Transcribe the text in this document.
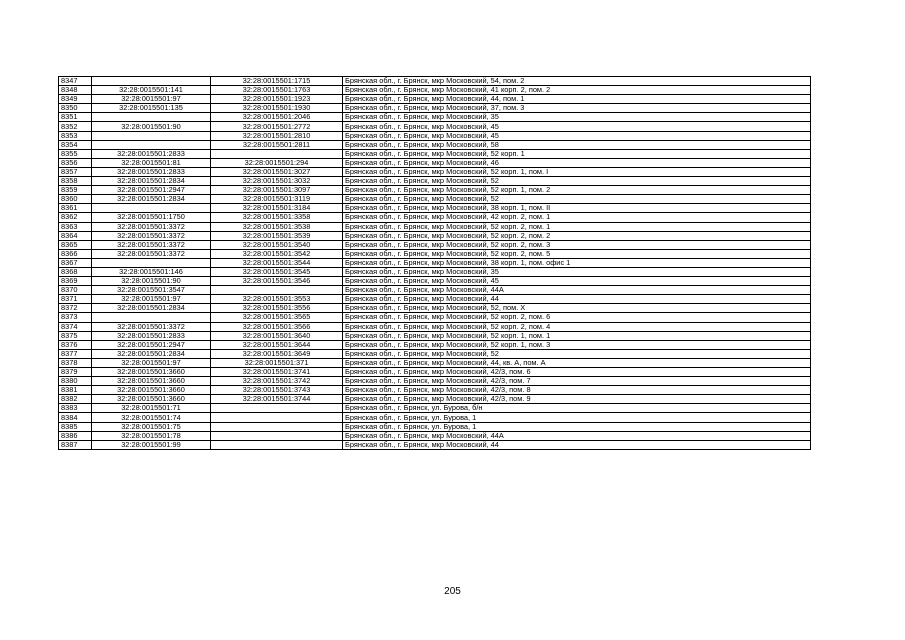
8347		32:28:0015501:1715	Брянская обл., г. Брянск, мкр Московский, 54, пом. 2
8348	32:28:0015501:141	32:28:0015501:1763	Брянская обл., г. Брянск, мкр Московский, 41 корп. 2, пом. 2
8349	32:28:0015501:97	32:28:0015501:1923	Брянская обл., г. Брянск, мкр Московский, 44, пом. 1
8350	32:28:0015501:135	32:28:0015501:1930	Брянская обл., г. Брянск, мкр Московский, 37, пом. 3
8351		32:28:0015501:2046	Брянская обл., г. Брянск, мкр Московский, 35
8352	32:28:0015501:90	32:28:0015501:2772	Брянская обл., г. Брянск, мкр Московский, 45
8353		32:28:0015501:2810	Брянская обл., г. Брянск, мкр Московский, 45
8354		32:28:0015501:2811	Брянская обл., г. Брянск, мкр Московский, 58
8355	32:28:0015501:2833		Брянская обл., г. Брянск, мкр Московский, 52 корп. 1
8356	32:28:0015501:81	32:28:0015501:294	Брянская обл., г. Брянск, мкр Московский, 46
8357	32:28:0015501:2833	32:28:0015501:3027	Брянская обл., г. Брянск, мкр Московский, 52 корп. 1, пом. I
8358	32:28:0015501:2834	32:28:0015501:3032	Брянская обл., г. Брянск, мкр Московский, 52
8359	32:28:0015501:2947	32:28:0015501:3097	Брянская обл., г. Брянск, мкр Московский, 52 корп. 1, пом. 2
8360	32:28:0015501:2834	32:28:0015501:3119	Брянская обл., г. Брянск, мкр Московский, 52
8361		32:28:0015501:3184	Брянская обл., г. Брянск, мкр Московский, 38 корп. 1, пом. II
8362	32:28:0015501:1750	32:28:0015501:3358	Брянская обл., г. Брянск, мкр Московский, 42 корп. 2, пом. 1
8363	32:28:0015501:3372	32:28:0015501:3538	Брянская обл., г. Брянск, мкр Московский, 52 корп. 2, пом. 1
8364	32:28:0015501:3372	32:28:0015501:3539	Брянская обл., г. Брянск, мкр Московский, 52 корп. 2, пом. 2
8365	32:28:0015501:3372	32:28:0015501:3540	Брянская обл., г. Брянск, мкр Московский, 52 корп. 2, пом. 3
8366	32:28:0015501:3372	32:28:0015501:3542	Брянская обл., г. Брянск, мкр Московский, 52 корп. 2, пом. 5
8367		32:28:0015501:3544	Брянская обл., г. Брянск, мкр Московский, 38 корп. 1, пом. офис 1
8368	32:28:0015501:146	32:28:0015501:3545	Брянская обл., г. Брянск, мкр Московский, 35
8369	32:28:0015501:90	32:28:0015501:3546	Брянская обл., г. Брянск, мкр Московский, 45
8370	32:28:0015501:3547		Брянская обл., г. Брянск, мкр Московский, 44А
8371	32:28:0015501:97	32:28:0015501:3553	Брянская обл., г. Брянск, мкр Московский, 44
8372	32:28:0015501:2834	32:28:0015501:3556	Брянская обл., г. Брянск, мкр Московский, 52, пом. X
8373		32:28:0015501:3565	Брянская обл., г. Брянск, мкр Московский, 52 корп. 2, пом. 6
8374	32:28:0015501:3372	32:28:0015501:3566	Брянская обл., г. Брянск, мкр Московский, 52 корп. 2, пом. 4
8375	32:28:0015501:2833	32:28:0015501:3640	Брянская обл., г. Брянск, мкр Московский, 52 корп. 1, пом. 1
8376	32:28:0015501:2947	32:28:0015501:3644	Брянская обл., г. Брянск, мкр Московский, 52 корп. 1, пом. 3
8377	32:28:0015501:2834	32:28:0015501:3649	Брянская обл., г. Брянск, мкр Московский, 52
8378	32:28:0015501:97	32:28:0015501:371	Брянская обл., г. Брянск, мкр Московский, 44, кв. А, пом. А
8379	32:28:0015501:3660	32:28:0015501:3741	Брянская обл., г. Брянск, мкр Московский, 42/3, пом. 6
8380	32:28:0015501:3660	32:28:0015501:3742	Брянская обл., г. Брянск, мкр Московский, 42/3, пом. 7
8381	32:28:0015501:3660	32:28:0015501:3743	Брянская обл., г. Брянск, мкр Московский, 42/3, пом. 8
8382	32:28:0015501:3660	32:28:0015501:3744	Брянская обл., г. Брянск, мкр Московский, 42/3, пом. 9
8383	32:28:0015501:71		Брянская обл., г. Брянск, ул. Бурова, б/н
8384	32:28:0015501:74		Брянская обл., г. Брянск, ул. Бурова, 1
8385	32:28:0015501:75		Брянская обл., г. Брянск, ул. Бурова, 1
8386	32:28:0015501:78		Брянская обл., г. Брянск, мкр Московский, 44А
8387	32:28:0015501:99		Брянская обл., г. Брянск, мкр Московский, 44
205
